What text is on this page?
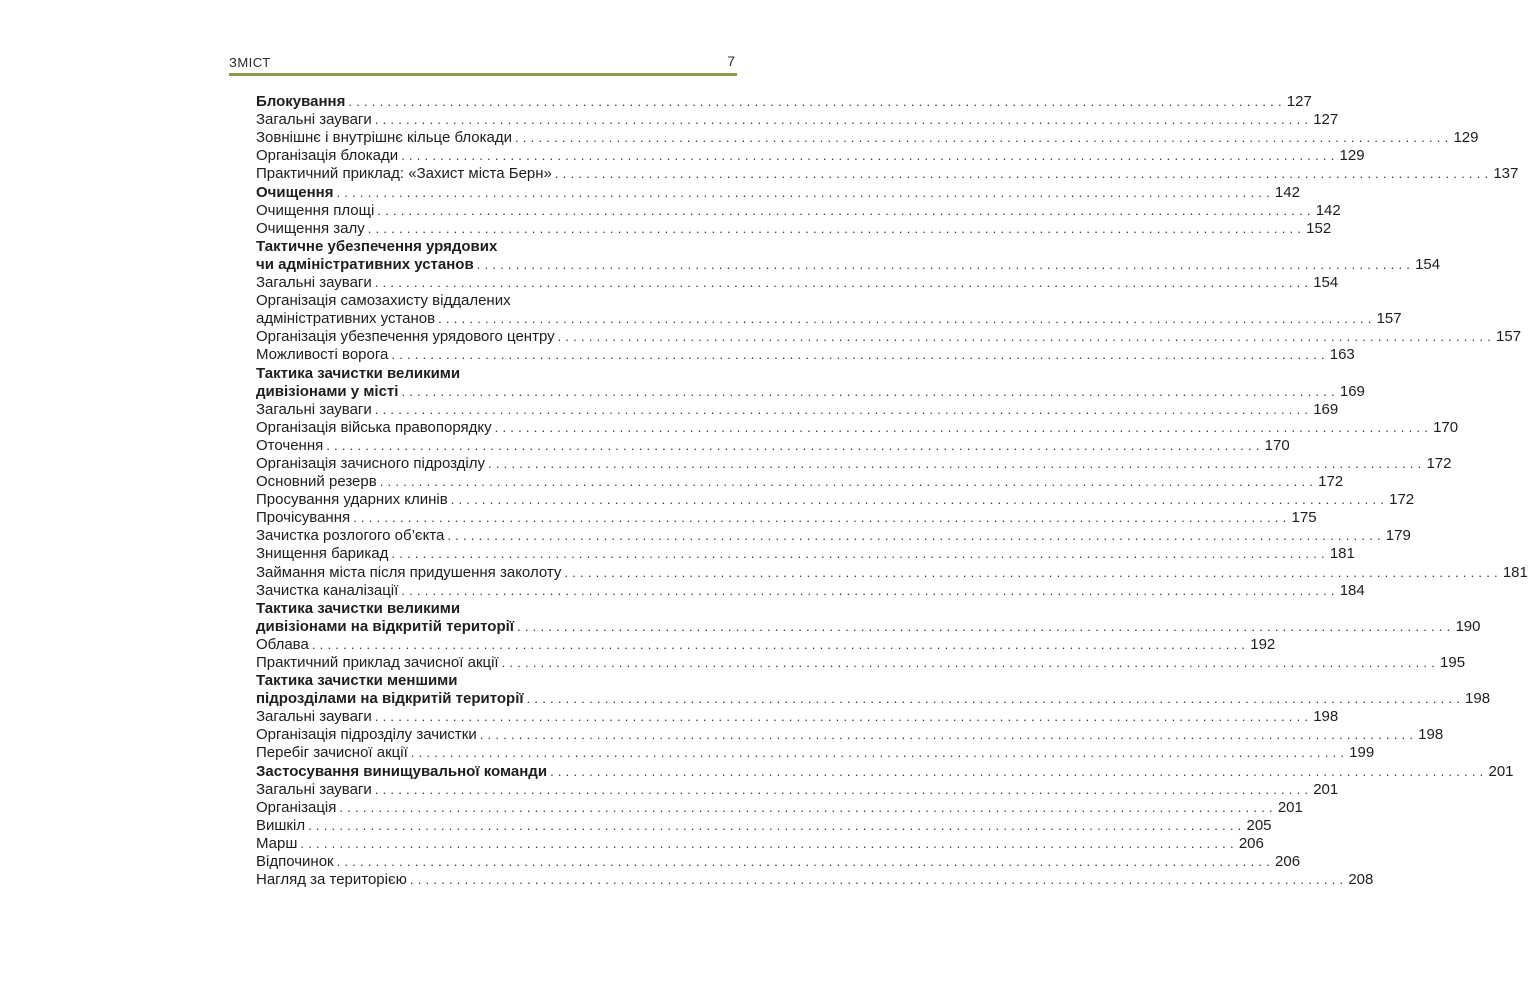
ЗМІСТ	7
Блокування ........................................................................................................................ 127
Загальні зауваги ........................................................................................................................ 127
Зовнішнє і внутрішнє кільце блокади ........................................................................................................................ 129
Організація блокади ........................................................................................................................ 129
Практичний приклад: «Захист міста Берн» ........................................................................................................................ 137
Очищення ........................................................................................................................ 142
Очищення площі ........................................................................................................................ 142
Очищення залу ........................................................................................................................ 152
Тактичне убезпечення урядових
чи адміністративних установ ........................................................................................................................ 154
Загальні зауваги ........................................................................................................................ 154
Організація самозахисту віддалених
адміністративних установ ........................................................................................................................ 157
Організація убезпечення урядового центру ........................................................................................................................ 157
Можливості ворога ........................................................................................................................ 163
Тактика зачистки великими
дивізіонами у місті ........................................................................................................................ 169
Загальні зауваги ........................................................................................................................ 169
Організація війська правопорядку ........................................................................................................................ 170
Оточення ........................................................................................................................ 170
Організація зачисного підрозділу ........................................................................................................................ 172
Основний резерв ........................................................................................................................ 172
Просування ударних клинів ........................................................................................................................ 172
Прочісування ........................................................................................................................ 175
Зачистка розлогого об’єкта ........................................................................................................................ 179
Знищення барикад ........................................................................................................................ 181
Займання міста після придушення заколоту ........................................................................................................................ 181
Зачистка каналізації ........................................................................................................................ 184
Тактика зачистки великими
дивізіонами на відкритій території ........................................................................................................................ 190
Облава ........................................................................................................................ 192
Практичний приклад зачисної акції ........................................................................................................................ 195
Тактика зачистки меншими
підрозділами на відкритій території ........................................................................................................................ 198
Загальні зауваги ........................................................................................................................ 198
Організація підрозділу зачистки ........................................................................................................................ 198
Перебіг зачисної акції ........................................................................................................................ 199
Застосування винищувальної команди ........................................................................................................................ 201
Загальні зауваги ........................................................................................................................ 201
Організація ........................................................................................................................ 201
Вишкіл ........................................................................................................................ 205
Марш ........................................................................................................................ 206
Відпочинок ........................................................................................................................ 206
Нагляд за територією ........................................................................................................................ 208
